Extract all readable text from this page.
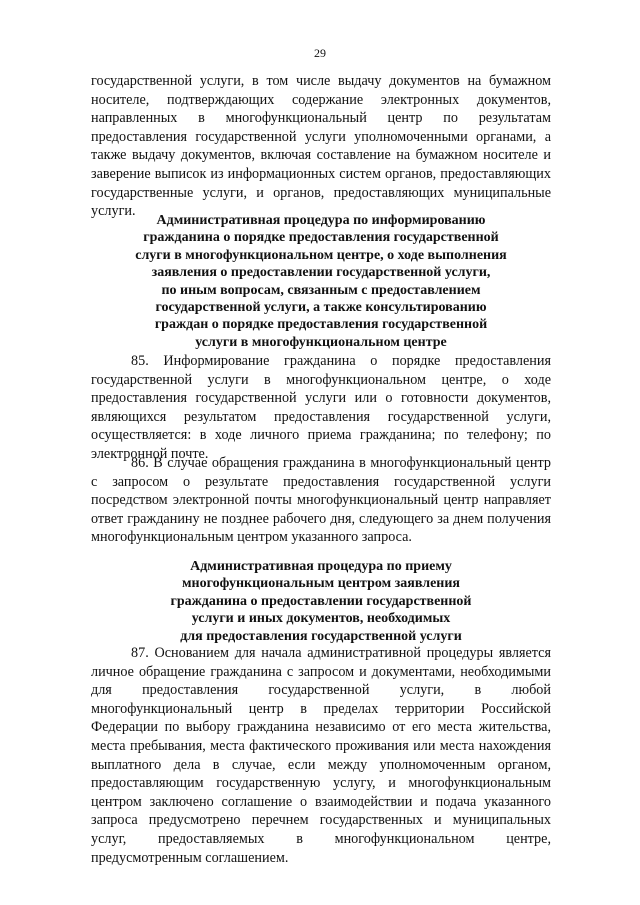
29

государственной услуги, в том числе выдачу документов на бумажном носителе, подтверждающих содержание электронных документов, направленных в многофункциональный центр по результатам предоставления государственной услуги уполномоченными органами, а также выдачу документов, включая составление на бумажном носителе и заверение выписок из информационных систем органов, предоставляющих государственные услуги, и органов, предоставляющих муниципальные услуги.

Административная процедура по информированию
гражданина о порядке предоставления государственной
слуги в многофункциональном центре, о ходе выполнения
заявления о предоставлении государственной услуги,
по иным вопросам, связанным с предоставлением
государственной услуги, а также консультированию
граждан о порядке предоставления государственной
услуги в многофункциональном центре

85. Информирование гражданина о порядке предоставления государственной услуги в многофункциональном центре, о ходе предоставления государственной услуги или о готовности документов, являющихся результатом предоставления государственной услуги, осуществляется: в ходе личного приема гражданина; по телефону; по электронной почте.

86. В случае обращения гражданина в многофункциональный центр с запросом о результате предоставления государственной услуги посредством электронной почты многофункциональный центр направляет ответ гражданину не позднее рабочего дня, следующего за днем получения многофункциональным центром указанного запроса.

Административная процедура по приему
многофункциональным центром заявления
гражданина о предоставлении государственной
услуги и иных документов, необходимых
для предоставления государственной услуги

87. Основанием для начала административной процедуры является личное обращение гражданина с запросом и документами, необходимыми для предоставления государственной услуги, в любой многофункциональный центр в пределах территории Российской Федерации по выбору гражданина независимо от его места жительства, места пребывания, места фактического проживания или места нахождения выплатного дела в случае, если между уполномоченным органом, предоставляющим государственную услугу, и многофункциональным центром заключено соглашение о взаимодействии и подача указанного запроса предусмотрено перечнем государственных и муниципальных услуг, предоставляемых в многофункциональном центре, предусмотренным соглашением.
